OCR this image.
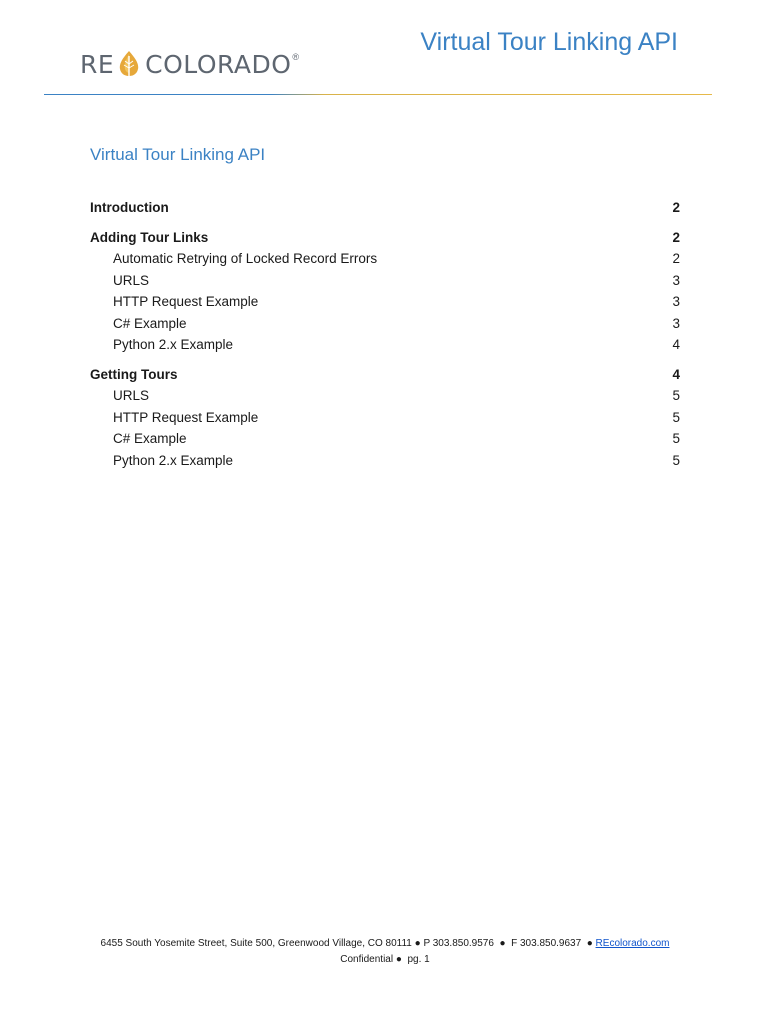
RE COLORADO ®
Virtual Tour Linking API
Virtual Tour Linking API
Introduction	2
Adding Tour Links	2
Automatic Retrying of Locked Record Errors	2
URLS	3
HTTP Request Example	3
C# Example	3
Python 2.x Example	4
Getting Tours	4
URLS	5
HTTP Request Example	5
C# Example	5
Python 2.x Example	5
6455 South Yosemite Street, Suite 500, Greenwood Village, CO 80111 ● P 303.850.9576 ● F 303.850.9637 ● REcolorado.com
Confidential ● pg. 1
